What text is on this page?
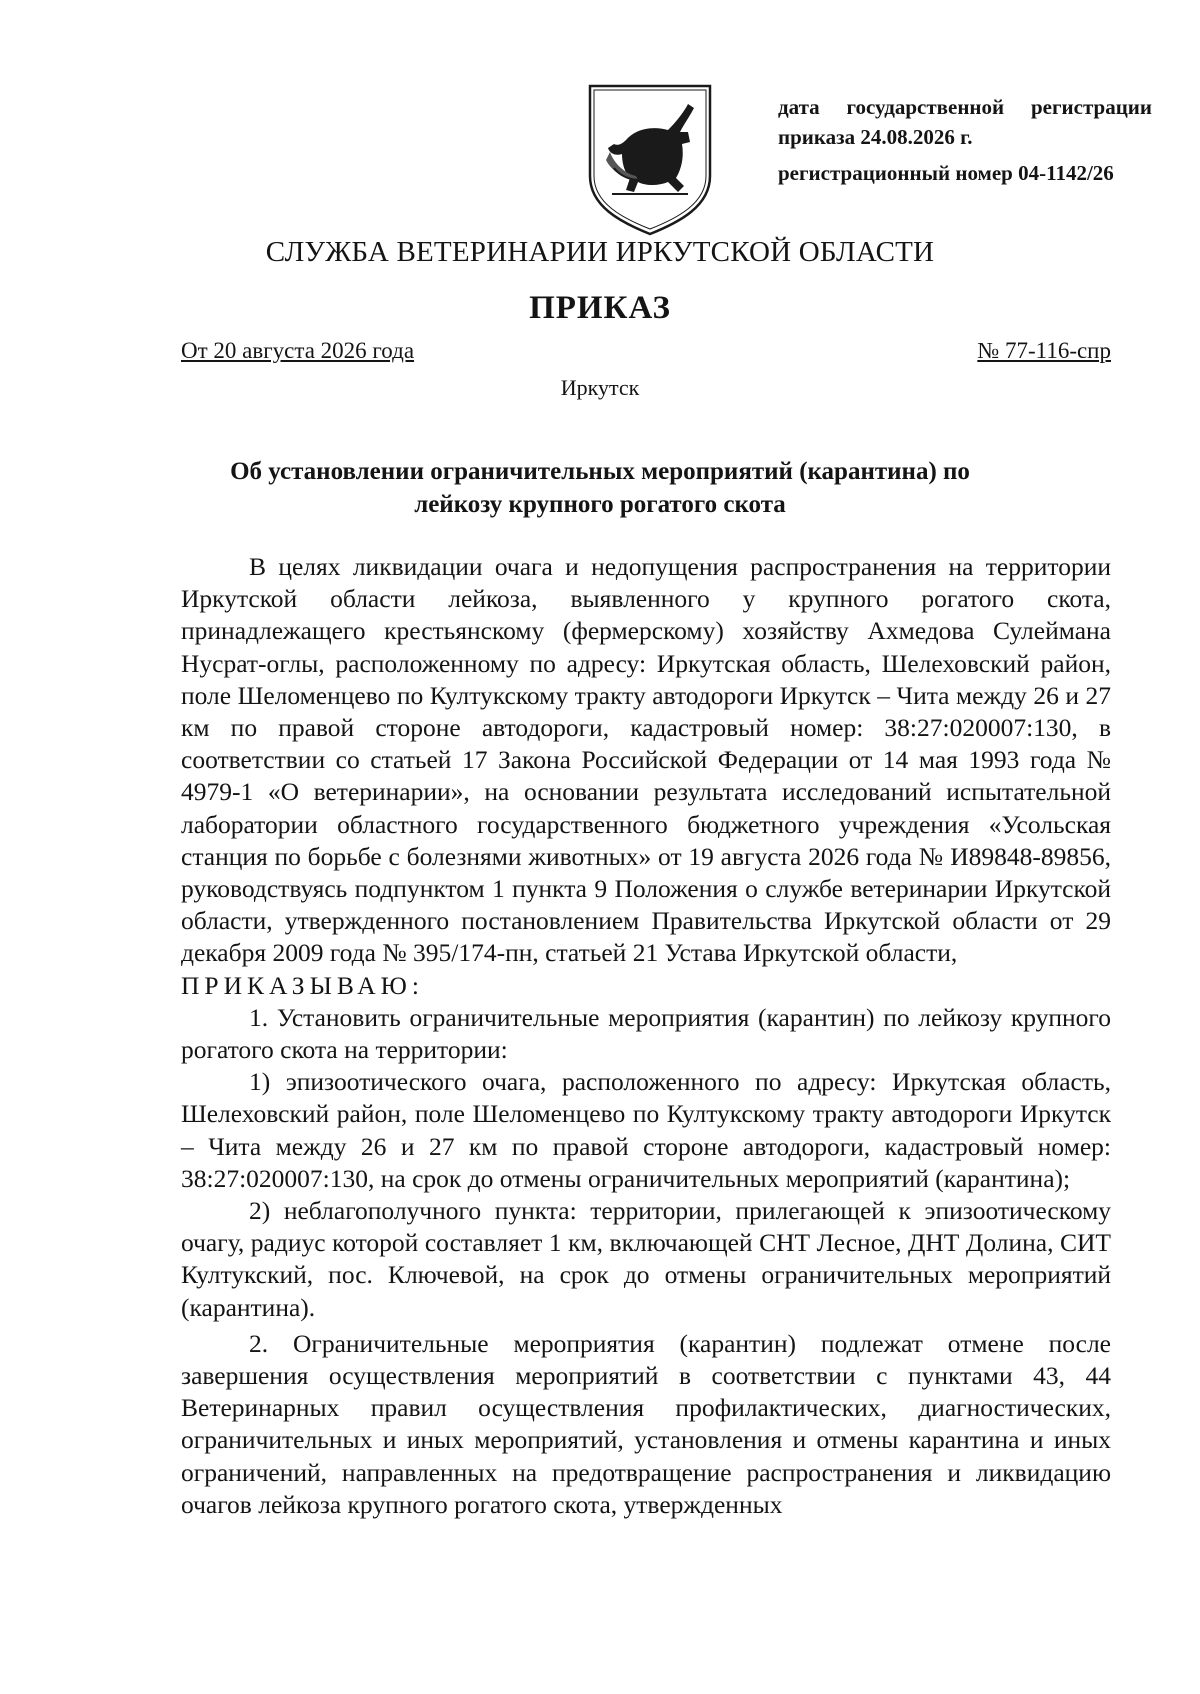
дата государственной регистрации
приказа 24.08.2026 г.
регистрационный номер 04-1142/26
СЛУЖБА ВЕТЕРИНАРИИ ИРКУТСКОЙ ОБЛАСТИ
ПРИКАЗ
От 20 августа 2026 года	№ 77-116-спр
Иркутск
Об установлении ограничительных мероприятий (карантина) по
лейкозу крупного рогатого скота

В целях ликвидации очага и недопущения распространения на территории Иркутской области лейкоза, выявленного у крупного рогатого скота, принадлежащего крестьянскому (фермерскому) хозяйству Ахмедова Сулеймана Нусрат-оглы, расположенному по адресу: Иркутская область, Шелеховский район, поле Шеломенцево по Култукскому тракту автодороги Иркутск – Чита между 26 и 27 км по правой стороне автодороги, кадастровый номер: 38:27:020007:130, в соответствии со статьей 17 Закона Российской Федерации от 14 мая 1993 года № 4979-1 «О ветеринарии», на основании результата исследований испытательной лаборатории областного государственного бюджетного учреждения «Усольская станция по борьбе с болезнями животных» от 19 августа 2026 года № И89848-89856, руководствуясь подпунктом 1 пункта 9 Положения о службе ветеринарии Иркутской области, утвержденного постановлением Правительства Иркутской области от 29 декабря 2009 года № 395/174-пн, статьей 21 Устава Иркутской области,

ПРИКАЗЫВАЮ:

1. Установить ограничительные мероприятия (карантин) по лейкозу крупного рогатого скота на территории:

1) эпизоотического очага, расположенного по адресу: Иркутская область, Шелеховский район, поле Шеломенцево по Култукскому тракту автодороги Иркутск – Чита между 26 и 27 км по правой стороне автодороги, кадастровый номер: 38:27:020007:130, на срок до отмены ограничительных мероприятий (карантина);

2) неблагополучного пункта: территории, прилегающей к эпизоотическому очагу, радиус которой составляет 1 км, включающей СНТ Лесное, ДНТ Долина, СИТ Култукский, пос. Ключевой, на срок до отмены ограничительных мероприятий (карантина).

2. Ограничительные мероприятия (карантин) подлежат отмене после завершения осуществления мероприятий в соответствии с пунктами 43, 44 Ветеринарных правил осуществления профилактических, диагностических, ограничительных и иных мероприятий, установления и отмены карантина и иных ограничений, направленных на предотвращение распространения и ликвидацию очагов лейкоза крупного рогатого скота, утвержденных
